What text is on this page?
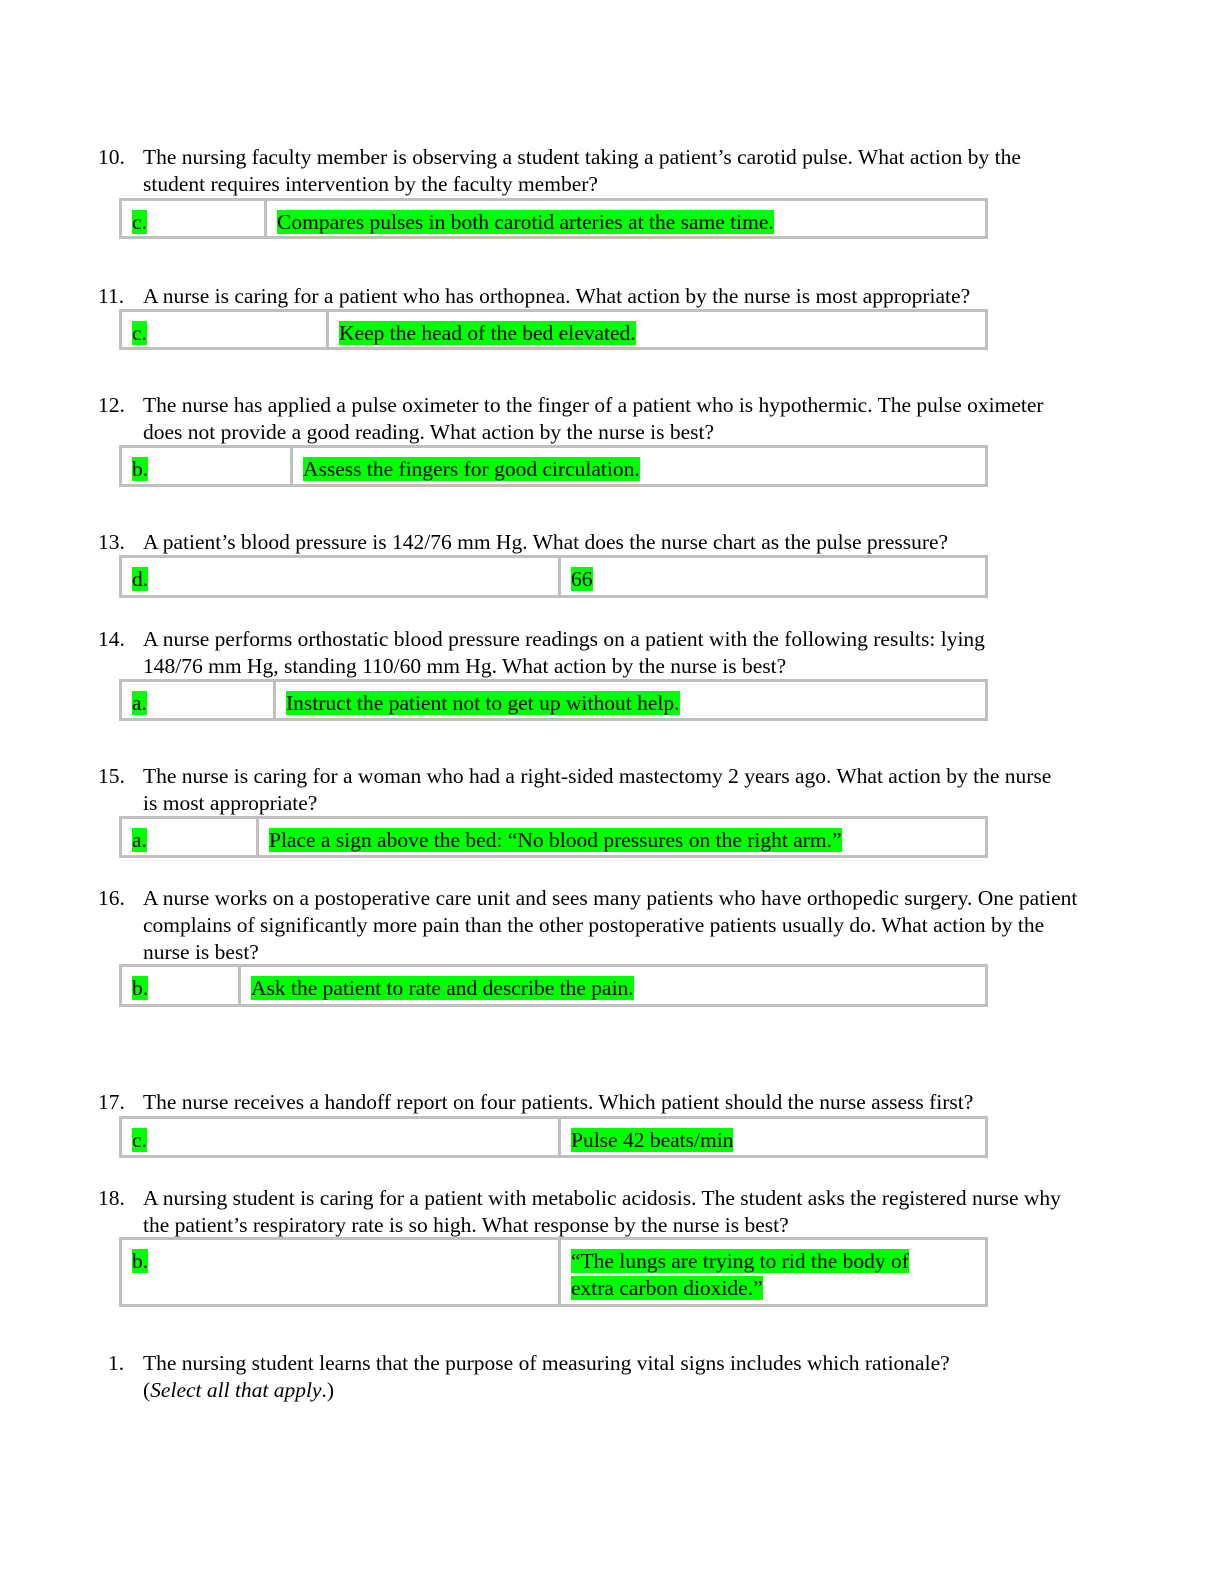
10. The nursing faculty member is observing a student taking a patient’s carotid pulse. What action by the student requires intervention by the faculty member?
c.	Compares pulses in both carotid arteries at the same time.
11. A nurse is caring for a patient who has orthopnea. What action by the nurse is most appropriate?
c.	Keep the head of the bed elevated.
12. The nurse has applied a pulse oximeter to the finger of a patient who is hypothermic. The pulse oximeter does not provide a good reading. What action by the nurse is best?
b.	Assess the fingers for good circulation.
13. A patient’s blood pressure is 142/76 mm Hg. What does the nurse chart as the pulse pressure?
d.	66
14. A nurse performs orthostatic blood pressure readings on a patient with the following results: lying 148/76 mm Hg, standing 110/60 mm Hg. What action by the nurse is best?
a.	Instruct the patient not to get up without help.
15. The nurse is caring for a woman who had a right-sided mastectomy 2 years ago. What action by the nurse is most appropriate?
a.	Place a sign above the bed: “No blood pressures on the right arm.”
16. A nurse works on a postoperative care unit and sees many patients who have orthopedic surgery. One patient complains of significantly more pain than the other postoperative patients usually do. What action by the nurse is best?
b.	Ask the patient to rate and describe the pain.
17. The nurse receives a handoff report on four patients. Which patient should the nurse assess first?
c.	Pulse 42 beats/min
18. A nursing student is caring for a patient with metabolic acidosis. The student asks the registered nurse why the patient’s respiratory rate is so high. What response by the nurse is best?
b.	“The lungs are trying to rid the body of
extra carbon dioxide.”
1. The nursing student learns that the purpose of measuring vital signs includes which rationale?
(Select all that apply.)
